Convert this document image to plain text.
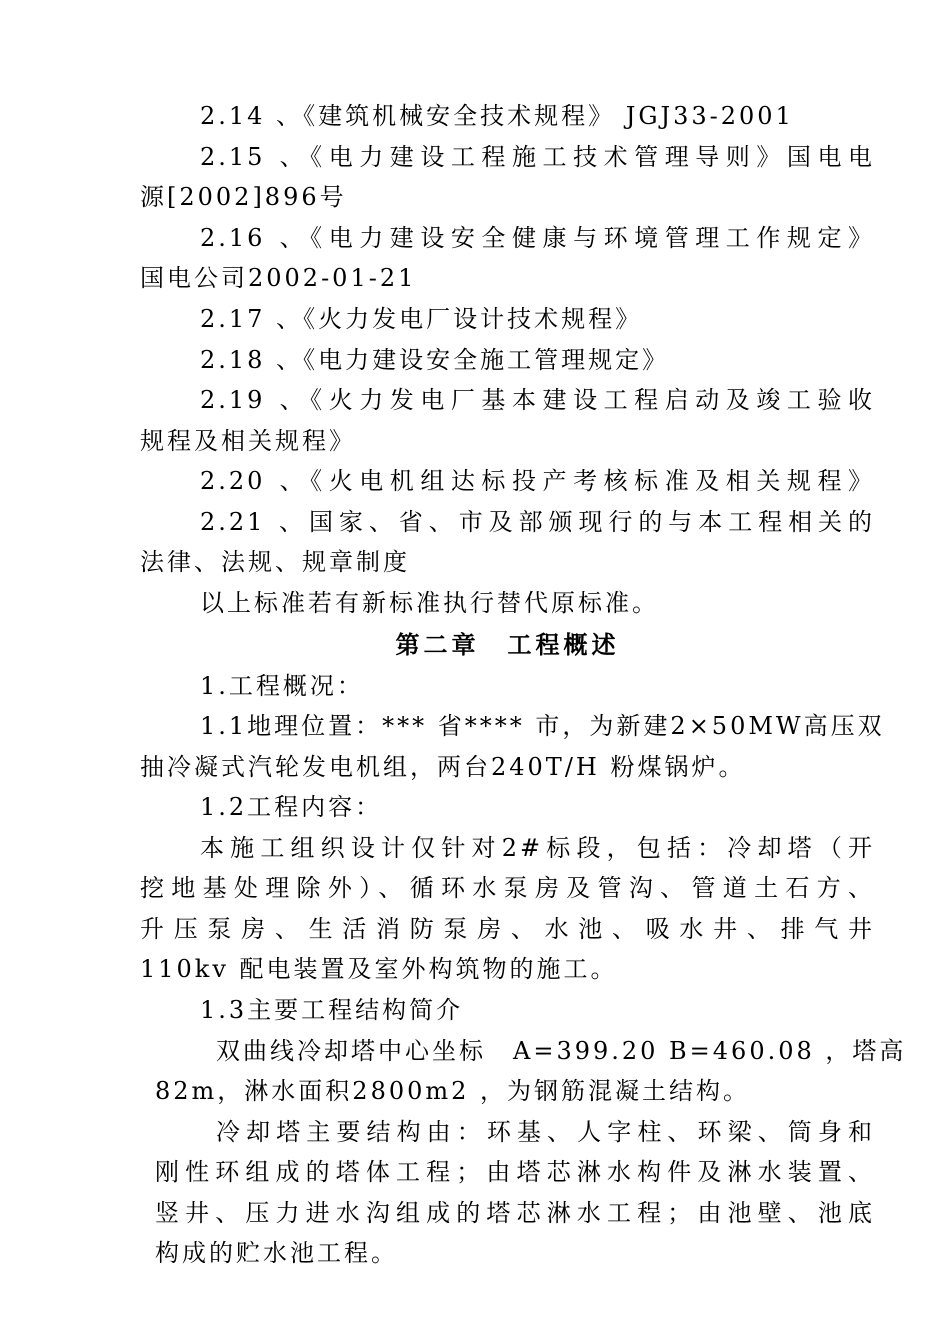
2.14 、《建筑机械安全技术规程》 JGJ33-2001
2.15 、《电力建设工程施工技术管理导则》国电电
源[2002]896号
2.16 、《电力建设安全健康与环境管理工作规定》
国电公司2002-01-21
2.17 、《火力发电厂设计技术规程》
2.18 、《电力建设安全施工管理规定》
2.19 、《火力发电厂基本建设工程启动及竣工验收
规程及相关规程》
2.20 、《火电机组达标投产考核标准及相关规程》
2.21 、国家、省、市及部颁现行的与本工程相关的
法律、法规、规章制度
以上标准若有新标准执行替代原标准。
第二章　工程概述
1.工程概况：
1.1地理位置：*** 省**** 市，为新建2×50MW高压双
抽冷凝式汽轮发电机组，两台240T/H 粉煤锅炉。
1.2工程内容：
本施工组织设计仅针对2#标段，包括：冷却塔（开
挖地基处理除外）、循环水泵房及管沟、管道土石方、
升压泵房、生活消防泵房、水池、吸水井、排气井
110kv 配电装置及室外构筑物的施工。
1.3主要工程结构简介
双曲线冷却塔中心坐标　A=399.20 B=460.08 ，塔高
82m，淋水面积2800m2 ，为钢筋混凝土结构。
冷却塔主要结构由：环基、人字柱、环梁、筒身和
刚性环组成的塔体工程；由塔芯淋水构件及淋水装置、
竖井、压力进水沟组成的塔芯淋水工程；由池壁、池底
构成的贮水池工程。
